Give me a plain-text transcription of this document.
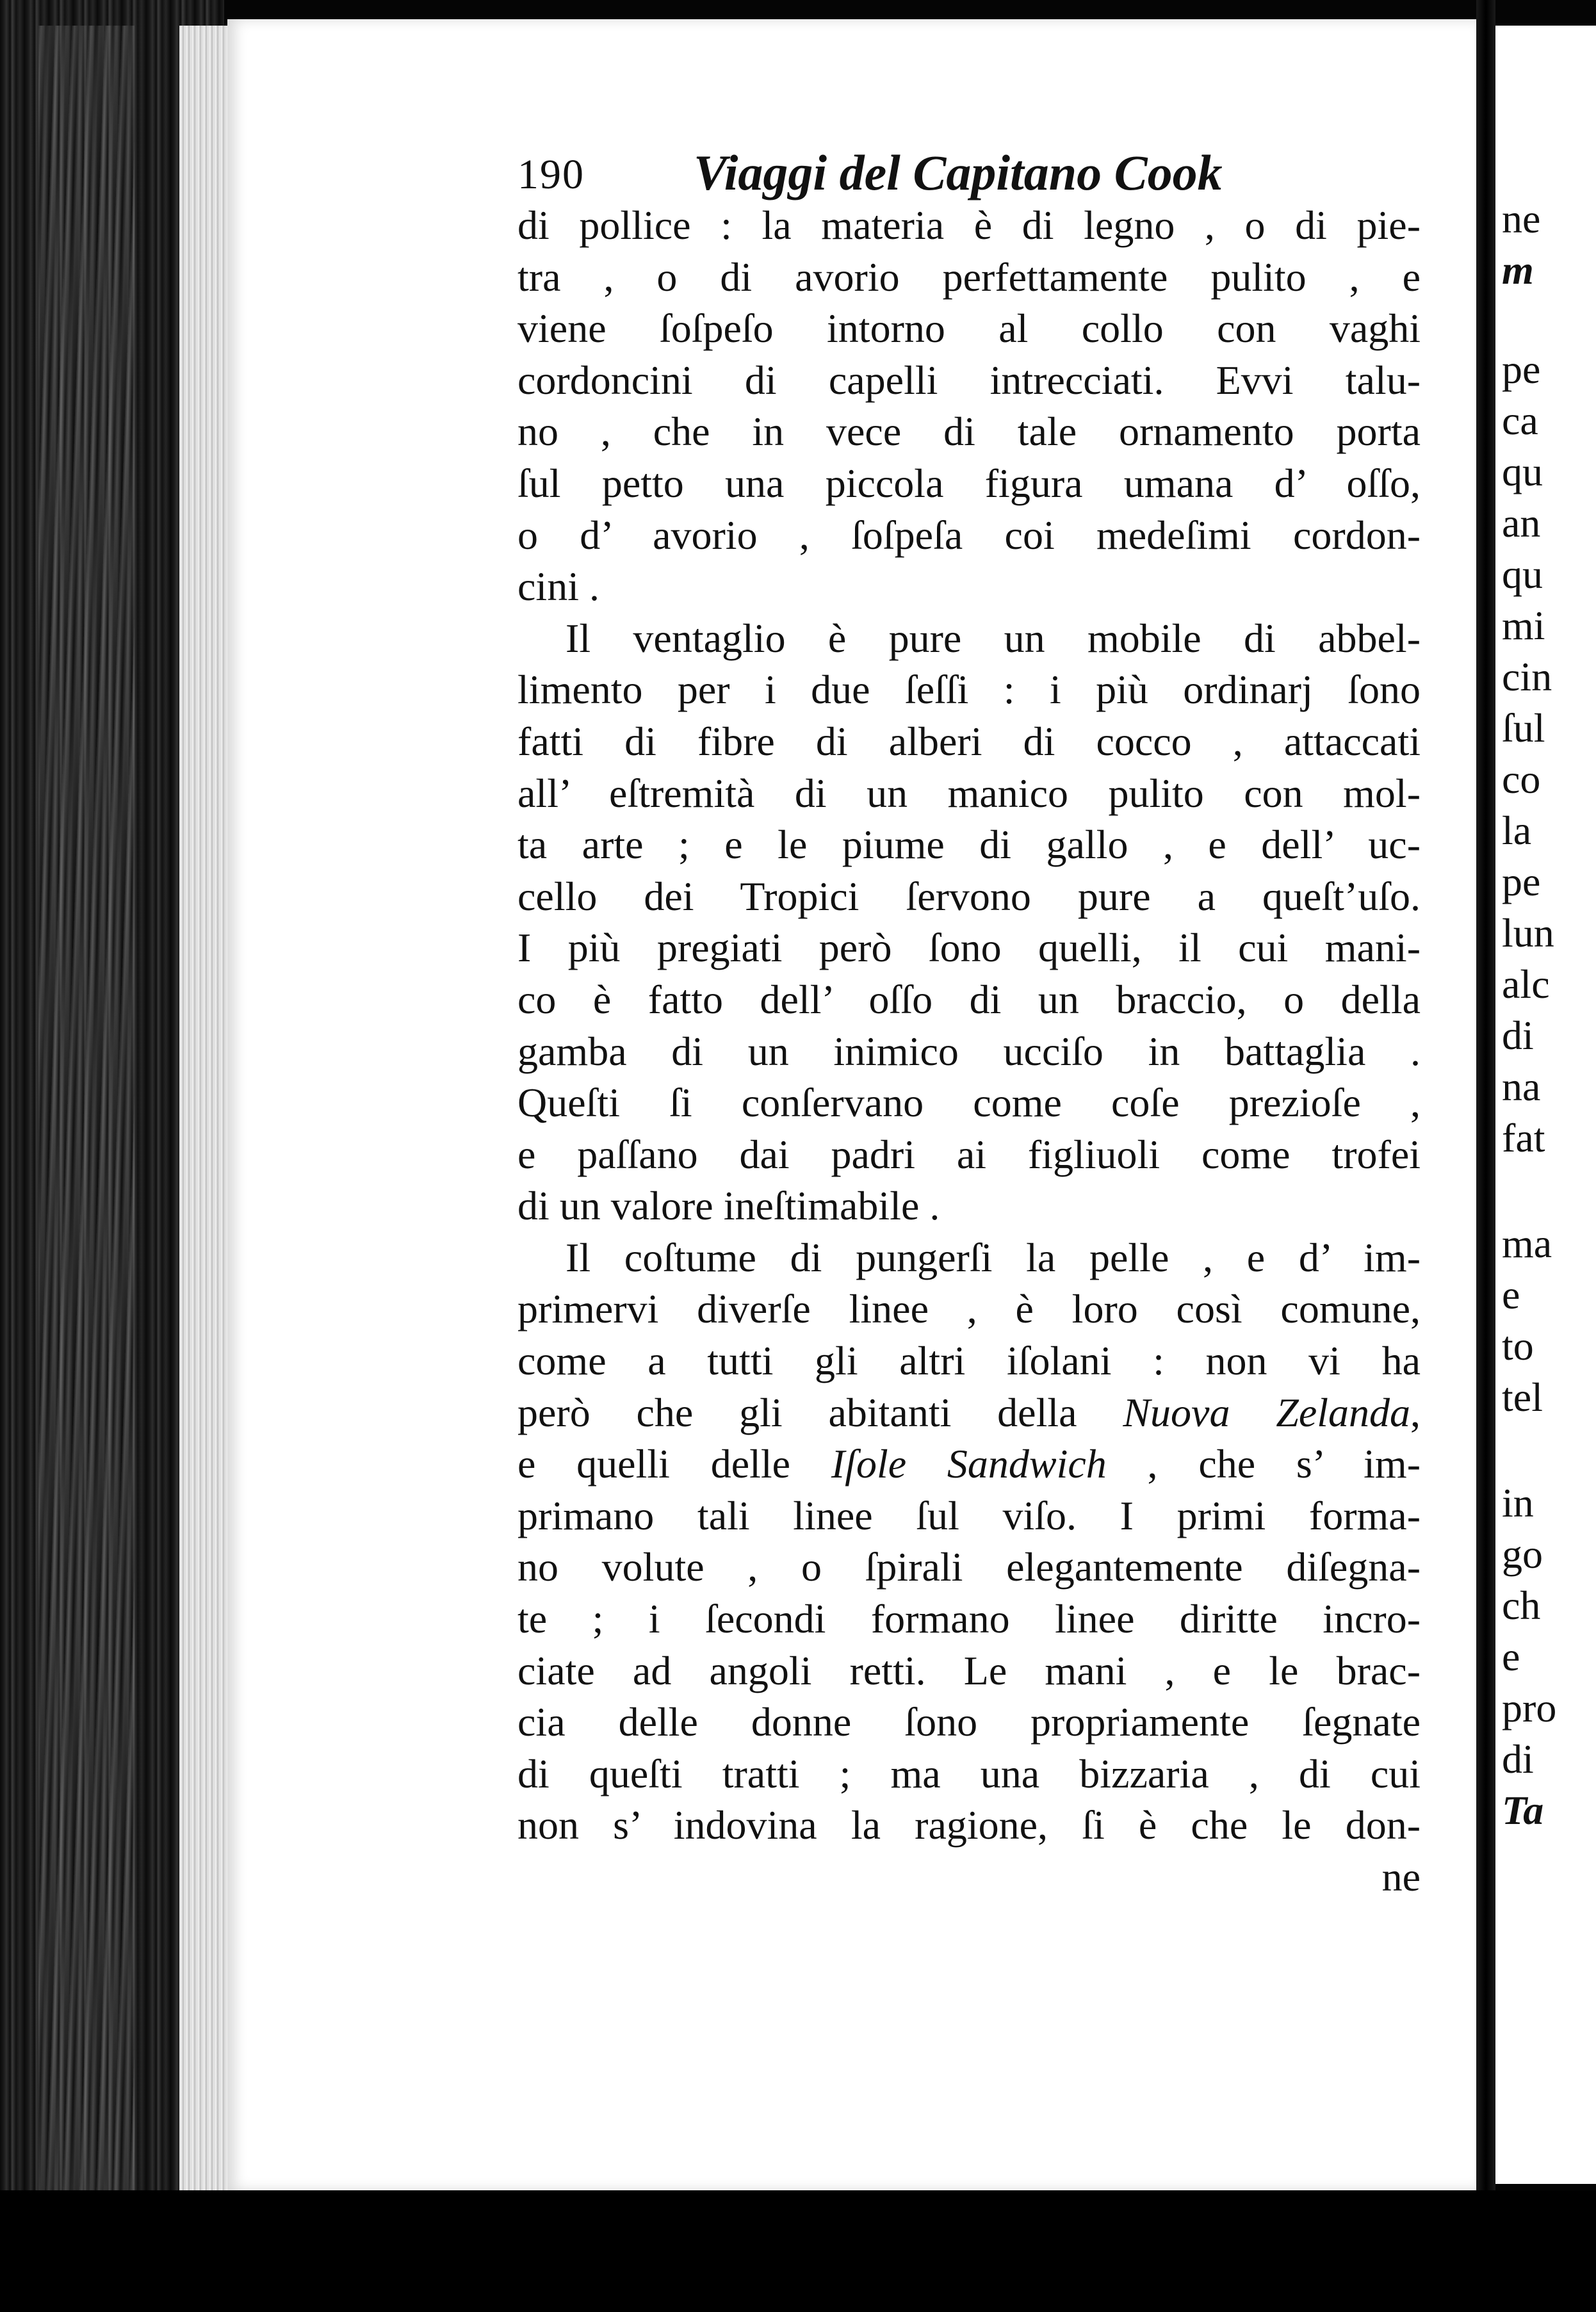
ne
m
pe
ca
qu
an
qu
mi
cin
ſul
co
la
pe
lun
alc
di
na
fat
ma
e
to
tel
in
go
ch
e
pro
di
Ta
190 Viaggi del Capitano Cook
di pollice : la materia è di legno , o di pie-
tra , o di avorio perfettamente pulito , e
viene ſoſpeſo intorno al collo con vaghi
cordoncini di capelli intrecciati. Evvi talu-
no , che in vece di tale ornamento porta
ſul petto una piccola figura umana d’ oſſo,
o d’ avorio , ſoſpeſa coi medeſimi cordon-
cini .
Il ventaglio è pure un mobile di abbel-
limento per i due ſeſſi : i più ordinarj ſono
fatti di fibre di alberi di cocco , attaccati
all’ eſtremità di un manico pulito con mol-
ta arte ; e le piume di gallo , e dell’ uc-
cello dei Tropici ſervono pure a queſt’uſo.
I più pregiati però ſono quelli, il cui mani-
co è fatto dell’ oſſo di un braccio, o della
gamba di un inimico ucciſo in battaglia .
Queſti ſi conſervano come coſe prezioſe ,
e paſſano dai padri ai figliuoli come trofei
di un valore ineſtimabile .
Il coſtume di pungerſi la pelle , e d’ im-
primervi diverſe linee , è loro così comune,
come a tutti gli altri iſolani : non vi ha
però che gli abitanti della Nuova Zelanda,
e quelli delle Iſole Sandwich , che s’ im-
primano tali linee ſul viſo. I primi forma-
no volute , o ſpirali elegantemente diſegna-
te ; i ſecondi formano linee diritte incro-
ciate ad angoli retti. Le mani , e le brac-
cia delle donne ſono propriamente ſegnate
di queſti tratti ; ma una bizzaria , di cui
non s’ indovina la ragione, ſi è che le don-
ne
